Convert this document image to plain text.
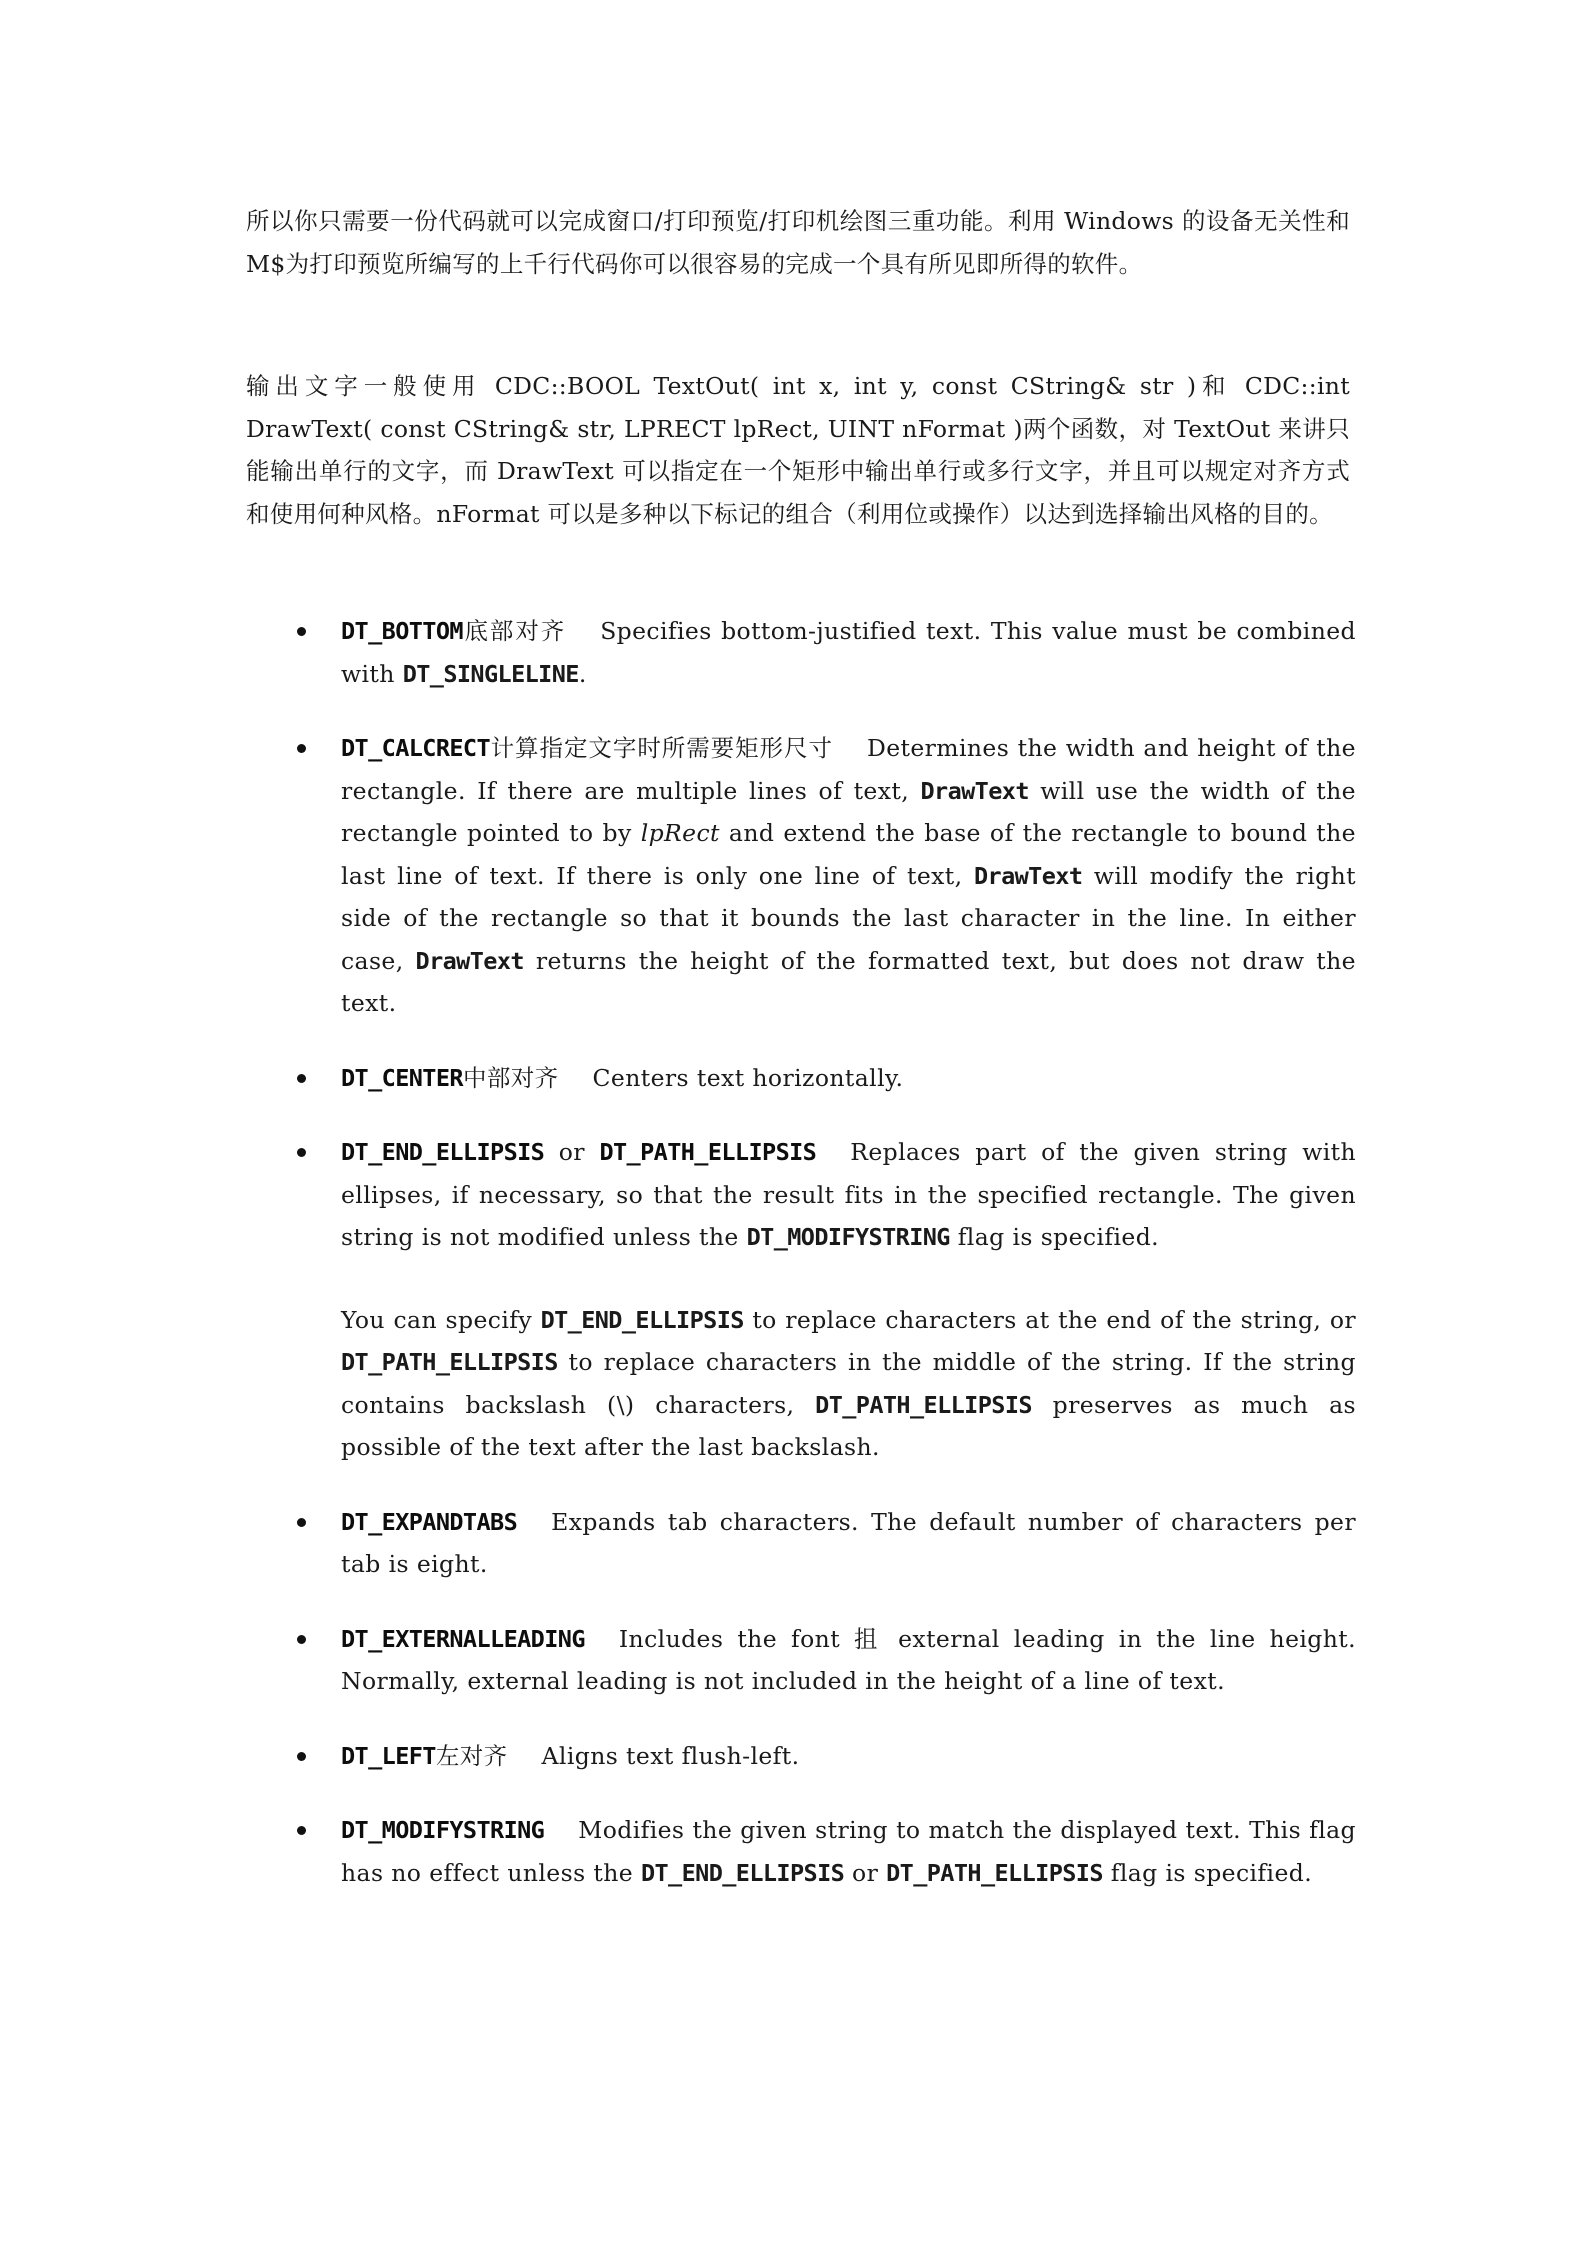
所以你只需要一份代码就可以完成窗口/打印预览/打印机绘图三重功能。利用 Windows 的设备无关性和 M$为打印预览所编写的上千行代码你可以很容易的完成一个具有所见即所得的软件。

输出文字一般使用 CDC::BOOL TextOut( int x, int y, const CString& str )和 CDC::int DrawText( const CString& str, LPRECT lpRect, UINT nFormat )两个函数，对 TextOut 来讲只能输出单行的文字，而 DrawText 可以指定在一个矩形中输出单行或多行文字，并且可以规定对齐方式和使用何种风格。nFormat 可以是多种以下标记的组合（利用位或操作）以达到选择输出风格的目的。

DT_BOTTOM底部对齐 Specifies bottom-justified text. This value must be combined with DT_SINGLELINE.
DT_CALCRECT计算指定文字时所需要矩形尺寸 Determines the width and height of the rectangle. If there are multiple lines of text, DrawText will use the width of the rectangle pointed to by lpRect and extend the base of the rectangle to bound the last line of text. If there is only one line of text, DrawText will modify the right side of the rectangle so that it bounds the last character in the line. In either case, DrawText returns the height of the formatted text, but does not draw the text.
DT_CENTER中部对齐 Centers text horizontally.
DT_END_ELLIPSIS or DT_PATH_ELLIPSIS Replaces part of the given string with ellipses, if necessary, so that the result fits in the specified rectangle. The given string is not modified unless the DT_MODIFYSTRING flag is specified.
You can specify DT_END_ELLIPSIS to replace characters at the end of the string, or DT_PATH_ELLIPSIS to replace characters in the middle of the string. If the string contains backslash (\) characters, DT_PATH_ELLIPSIS preserves as much as possible of the text after the last backslash.
DT_EXPANDTABS Expands tab characters. The default number of characters per tab is eight.
DT_EXTERNALLEADING Includes the font 抯 external leading in the line height. Normally, external leading is not included in the height of a line of text.
DT_LEFT左对齐 Aligns text flush-left.
DT_MODIFYSTRING Modifies the given string to match the displayed text. This flag has no effect unless the DT_END_ELLIPSIS or DT_PATH_ELLIPSIS flag is specified.
